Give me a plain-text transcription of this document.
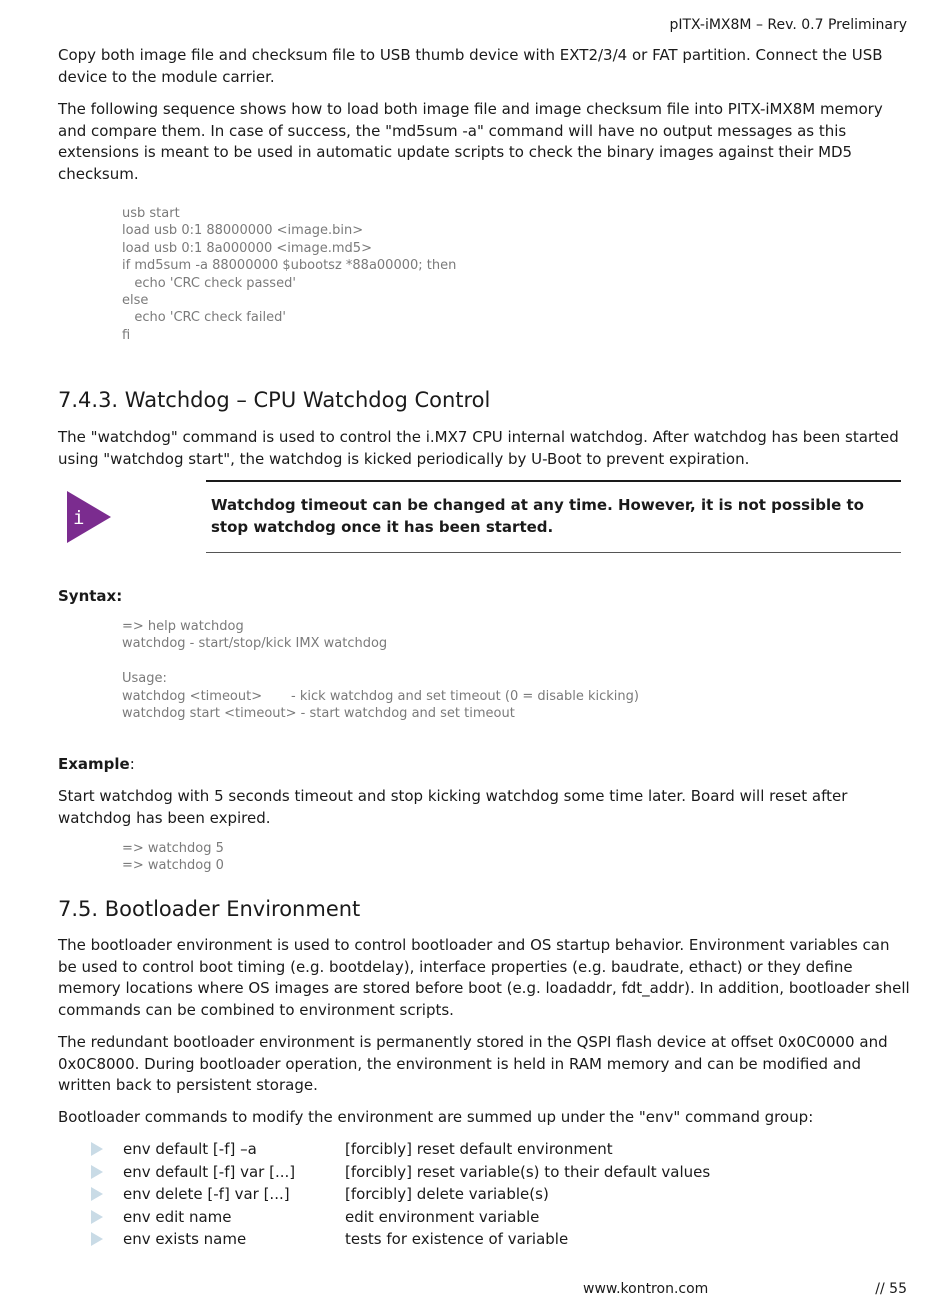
pITX-iMX8M – Rev. 0.7 Preliminary
Copy both image file and checksum file to USB thumb device with EXT2/3/4 or FAT partition. Connect the USB device to the module carrier.
The following sequence shows how to load both image file and image checksum file into PITX-iMX8M memory and compare them. In case of success, the "md5sum -a" command will have no output messages as this extensions is meant to be used in automatic update scripts to check the binary images against their MD5 checksum.
usb start
load usb 0:1 88000000 <image.bin>
load usb 0:1 8a000000 <image.md5>
if md5sum -a 88000000 $ubootsz *88a00000; then
echo 'CRC check passed'
else
echo 'CRC check failed'
fi
7.4.3. Watchdog – CPU Watchdog Control
The "watchdog" command is used to control the i.MX7 CPU internal watchdog. After watchdog has been started using "watchdog start", the watchdog is kicked periodically by U-Boot to prevent expiration.
i
Watchdog timeout can be changed at any time. However, it is not possible to stop watchdog once it has been started.
Syntax:
=> help watchdog
watchdog - start/stop/kick IMX watchdog

Usage:
watchdog <timeout>       - kick watchdog and set timeout (0 = disable kicking)
watchdog start <timeout> - start watchdog and set timeout
Example:
Start watchdog with 5 seconds timeout and stop kicking watchdog some time later. Board will reset after watchdog has been expired.
=> watchdog 5
=> watchdog 0
7.5. Bootloader Environment
The bootloader environment is used to control bootloader and OS startup behavior. Environment variables can be used to control boot timing (e.g. bootdelay), interface properties (e.g. baudrate, ethact) or they define memory locations where OS images are stored before boot (e.g. loadaddr, fdt_addr). In addition, bootloader shell commands can be combined to environment scripts.
The redundant bootloader environment is permanently stored in the QSPI flash device at offset 0x0C0000 and 0x0C8000. During bootloader operation, the environment is held in RAM memory and can be modified and written back to persistent storage.
Bootloader commands to modify the environment are summed up under the "env" command group:
env default [-f] –a	[forcibly] reset default environment
env default [-f] var [...]	[forcibly] reset variable(s) to their default values
env delete [-f] var [...]	[forcibly] delete variable(s)
env edit name	edit environment variable
env exists name	tests for existence of variable
www.kontron.com	// 55
